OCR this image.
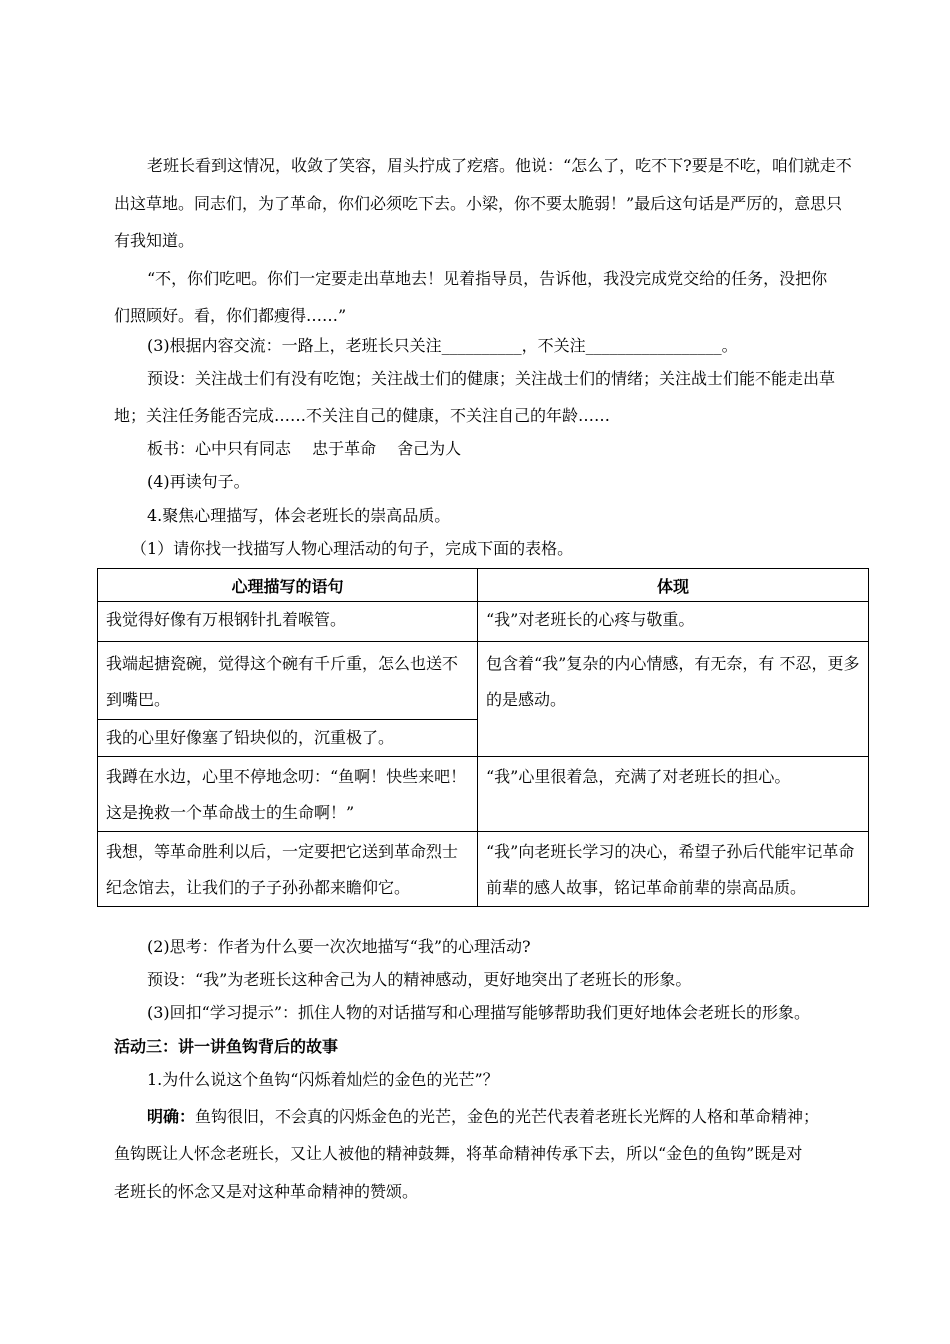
老班长看到这情况，收敛了笑容，眉头拧成了疙瘩。他说：“怎么了，吃不下?要是不吃，咱们就走不
出这草地。同志们，为了革命，你们必须吃下去。小梁，你不要太脆弱！”最后这句话是严厉的，意思只
有我知道。
“不，你们吃吧。你们一定要走出草地去！见着指导员，告诉他，我没完成党交给的任务，没把你
们照顾好。看，你们都瘦得……”
(3)根据内容交流：一路上，老班长只关注__________，不关注_________________。
预设：关注战士们有没有吃饱；关注战士们的健康；关注战士们的情绪；关注战士们能不能走出草
地；关注任务能否完成……不关注自己的健康，不关注自己的年龄……
板书：心中只有同志　 忠于革命　 舍己为人
(4)再读句子。
4.聚焦心理描写，体会老班长的崇高品质。
（1）请你找一找描写人物心理活动的句子，完成下面的表格。
心理描写的语句	体现
我觉得好像有万根钢针扎着喉管。	“我”对老班长的心疼与敬重。
我端起搪瓷碗，觉得这个碗有千斤重，怎么也送不到嘴巴。	包含着“我”复杂的内心情感，有无奈，有 不忍，更多的是感动。
我的心里好像塞了铅块似的，沉重极了。	
我蹲在水边，心里不停地念叨：“鱼啊！快些来吧！这是挽救一个革命战士的生命啊！”	“我”心里很着急，充满了对老班长的担心。
我想，等革命胜利以后，一定要把它送到革命烈士纪念馆去，让我们的子子孙孙都来瞻仰它。	“我”向老班长学习的决心，希望子孙后代能牢记革命前辈的感人故事，铭记革命前辈的崇高品质。
(2)思考：作者为什么要一次次地描写“我”的心理活动?
预设：“我”为老班长这种舍己为人的精神感动，更好地突出了老班长的形象。
(3)回扣“学习提示”：抓住人物的对话描写和心理描写能够帮助我们更好地体会老班长的形象。
活动三：讲一讲鱼钩背后的故事
1.为什么说这个鱼钩“闪烁着灿烂的金色的光芒”？
明确：鱼钩很旧，不会真的闪烁金色的光芒，金色的光芒代表着老班长光辉的人格和革命精神；
鱼钩既让人怀念老班长，又让人被他的精神鼓舞，将革命精神传承下去，所以“金色的鱼钩”既是对
老班长的怀念又是对这种革命精神的赞颂。
